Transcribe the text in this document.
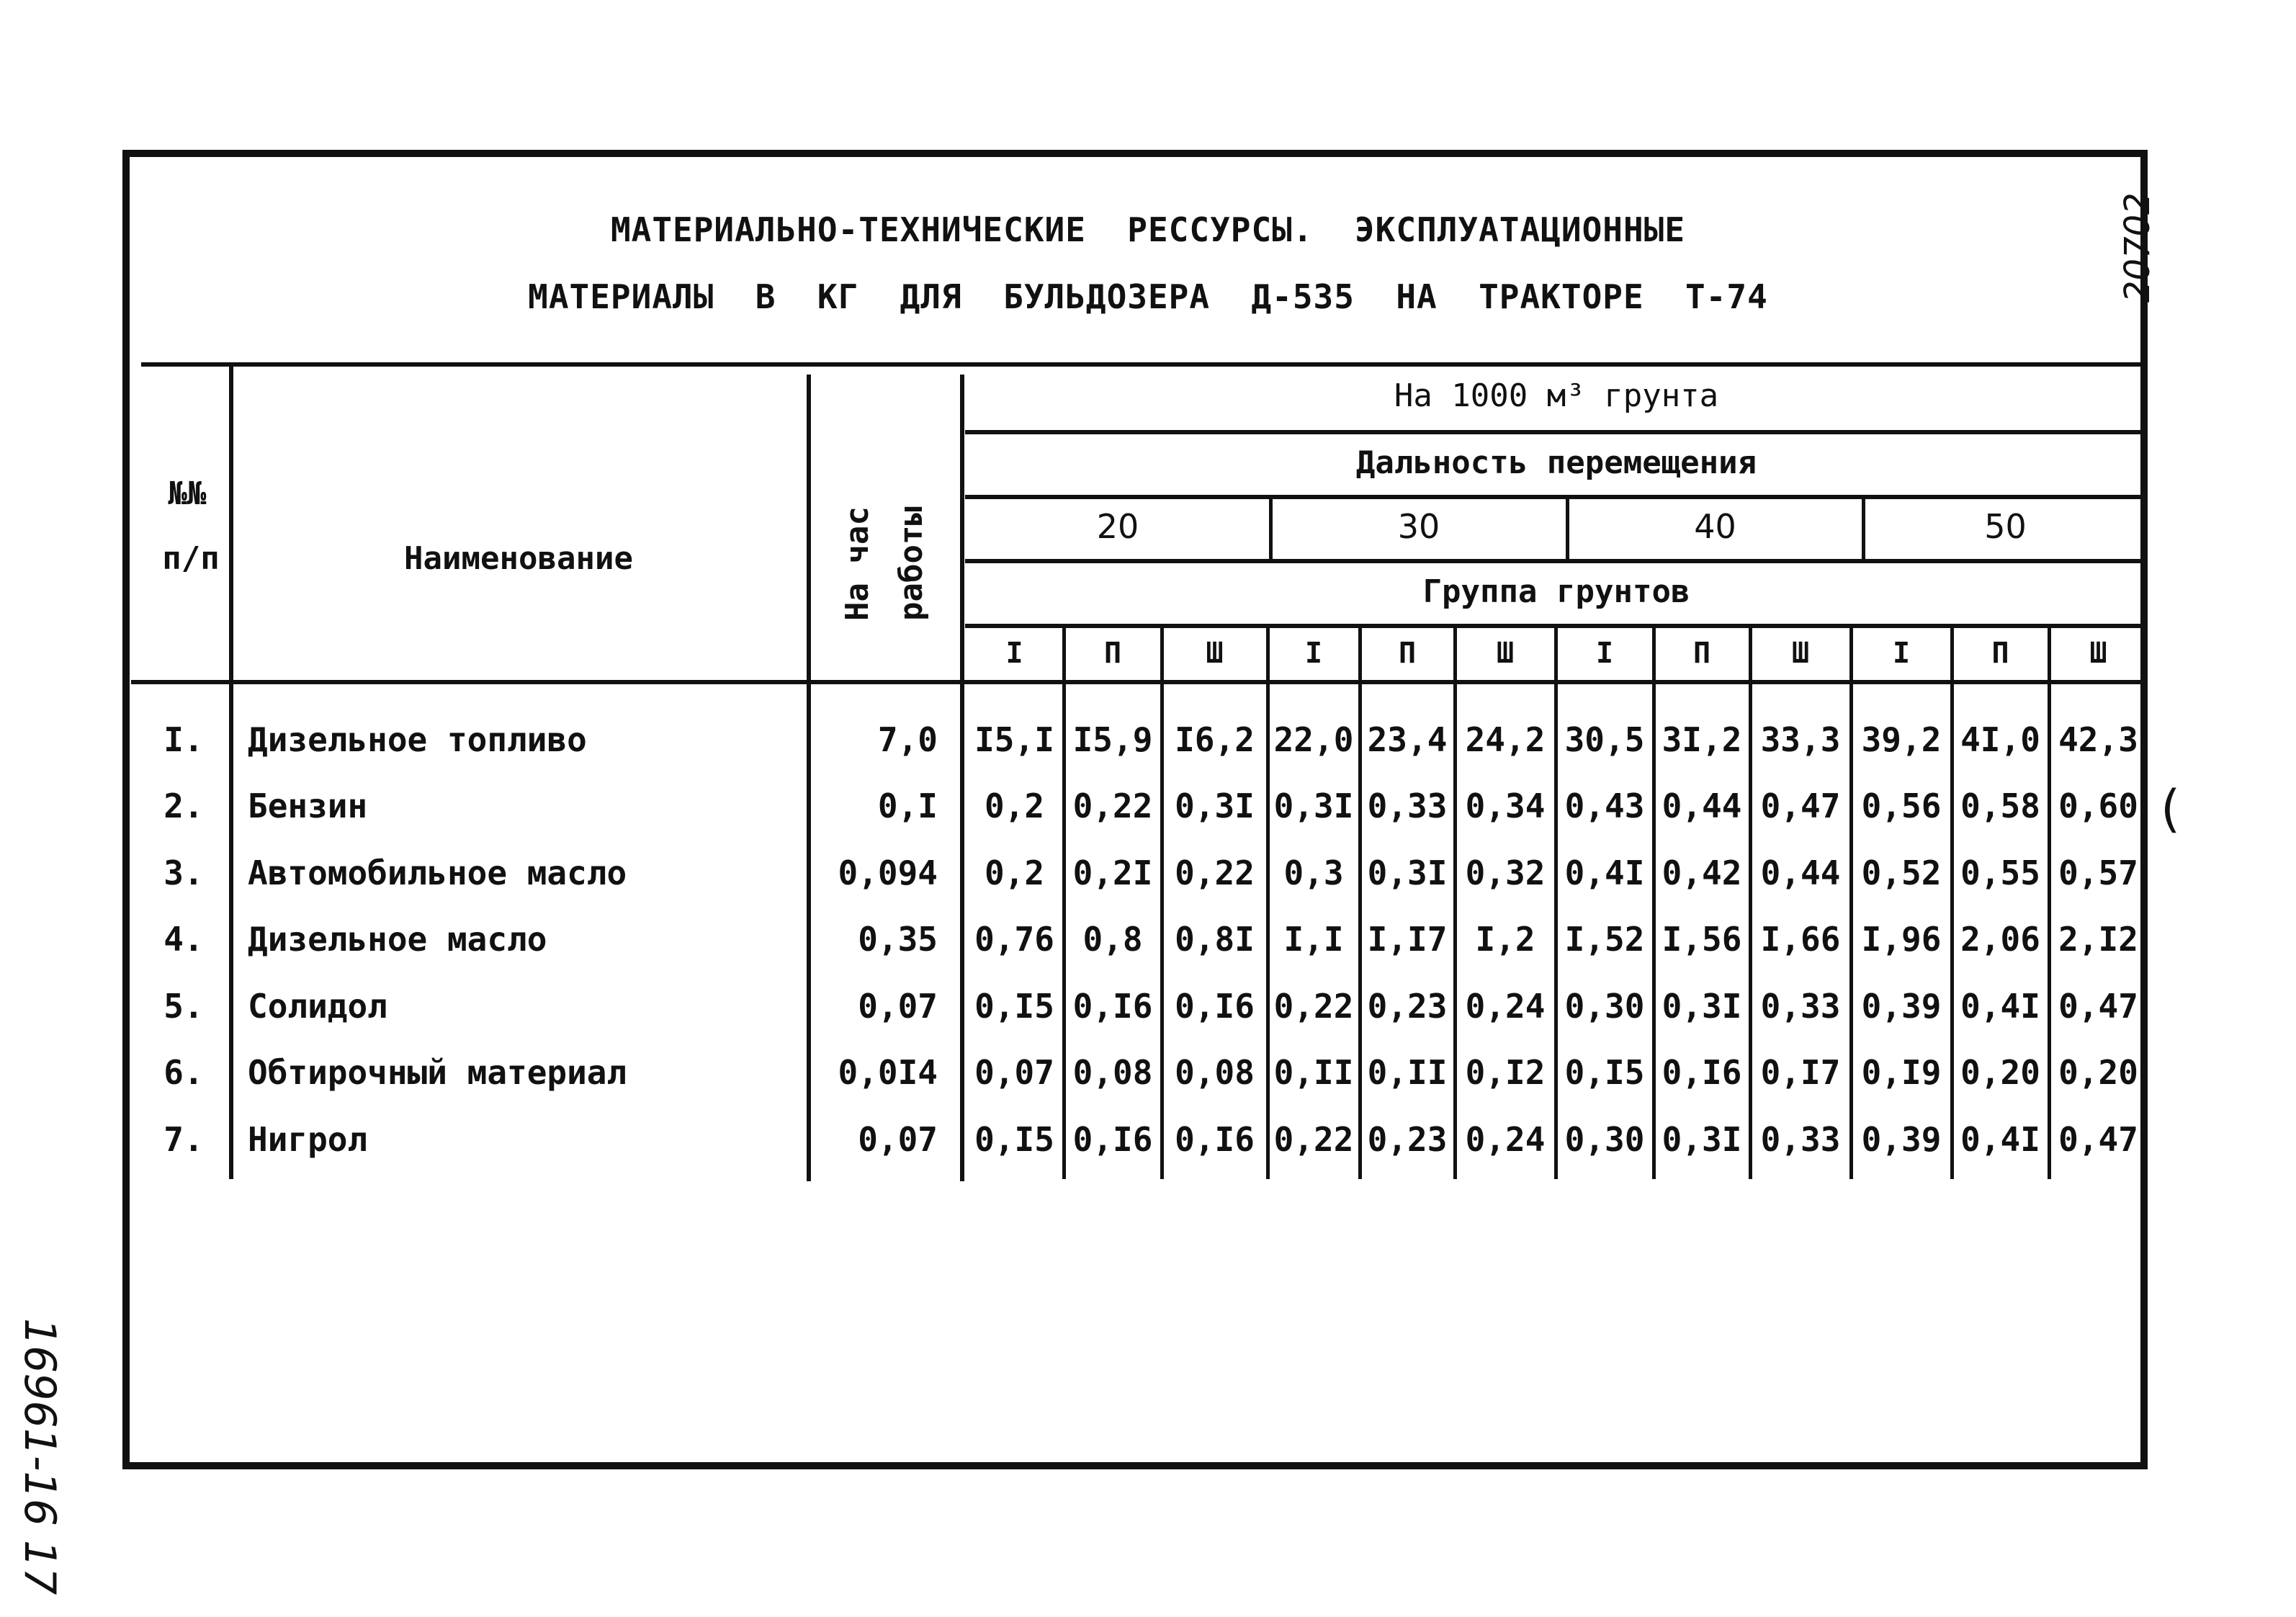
МАТЕРИАЛЬНО-ТЕХНИЧЕСКИЕ  РЕССУРСЫ.  ЭКСПЛУАТАЦИОННЫЕ
МАТЕРИАЛЫ  В  КГ  ДЛЯ  БУЛЬДОЗЕРА  Д-535  НА  ТРАКТОРЕ  Т-74	20702
16961-16 17
(
№№
п/п	Наименование	На час работы
На 1000 м³ грунта
Дальность перемещения
Группа грунтов
20	30	40	50
I	П	Ш	I	П	Ш	I	П	Ш	I	П	Ш
I.	Дизельное топливо	7,0 I5,I I5,9 I6,2 22,0 23,4 24,2 30,5 3I,2 33,3 39,2 4I,0 42,3
2.	Бензин	0,I	0,2 0,22 0,3I 0,3I 0,33 0,34 0,43 0,44 0,47 0,56 0,58 0,60
3.	Автомобильное масло	0,094	0,2 0,2I 0,22 0,3 0,3I 0,32 0,4I 0,42 0,44 0,52 0,55 0,57
4.	Дизельное масло	0,35 0,76 0,8 0,8I I,I I,I7 I,2 I,52 I,56 I,66 I,96 2,06 2,I2
5.	Солидол	0,07 0,I5 0,I6 0,I6 0,22 0,23 0,24 0,30 0,3I 0,33 0,39 0,4I 0,47
6.	Обтирочный материал	0,0I4 0,07 0,08 0,08 0,II 0,II 0,I2 0,I5 0,I6 0,I7 0,I9 0,20 0,20
7.	Нигрол	0,07 0,I5 0,I6 0,I6 0,22 0,23 0,24 0,30 0,3I 0,33 0,39 0,4I 0,47
